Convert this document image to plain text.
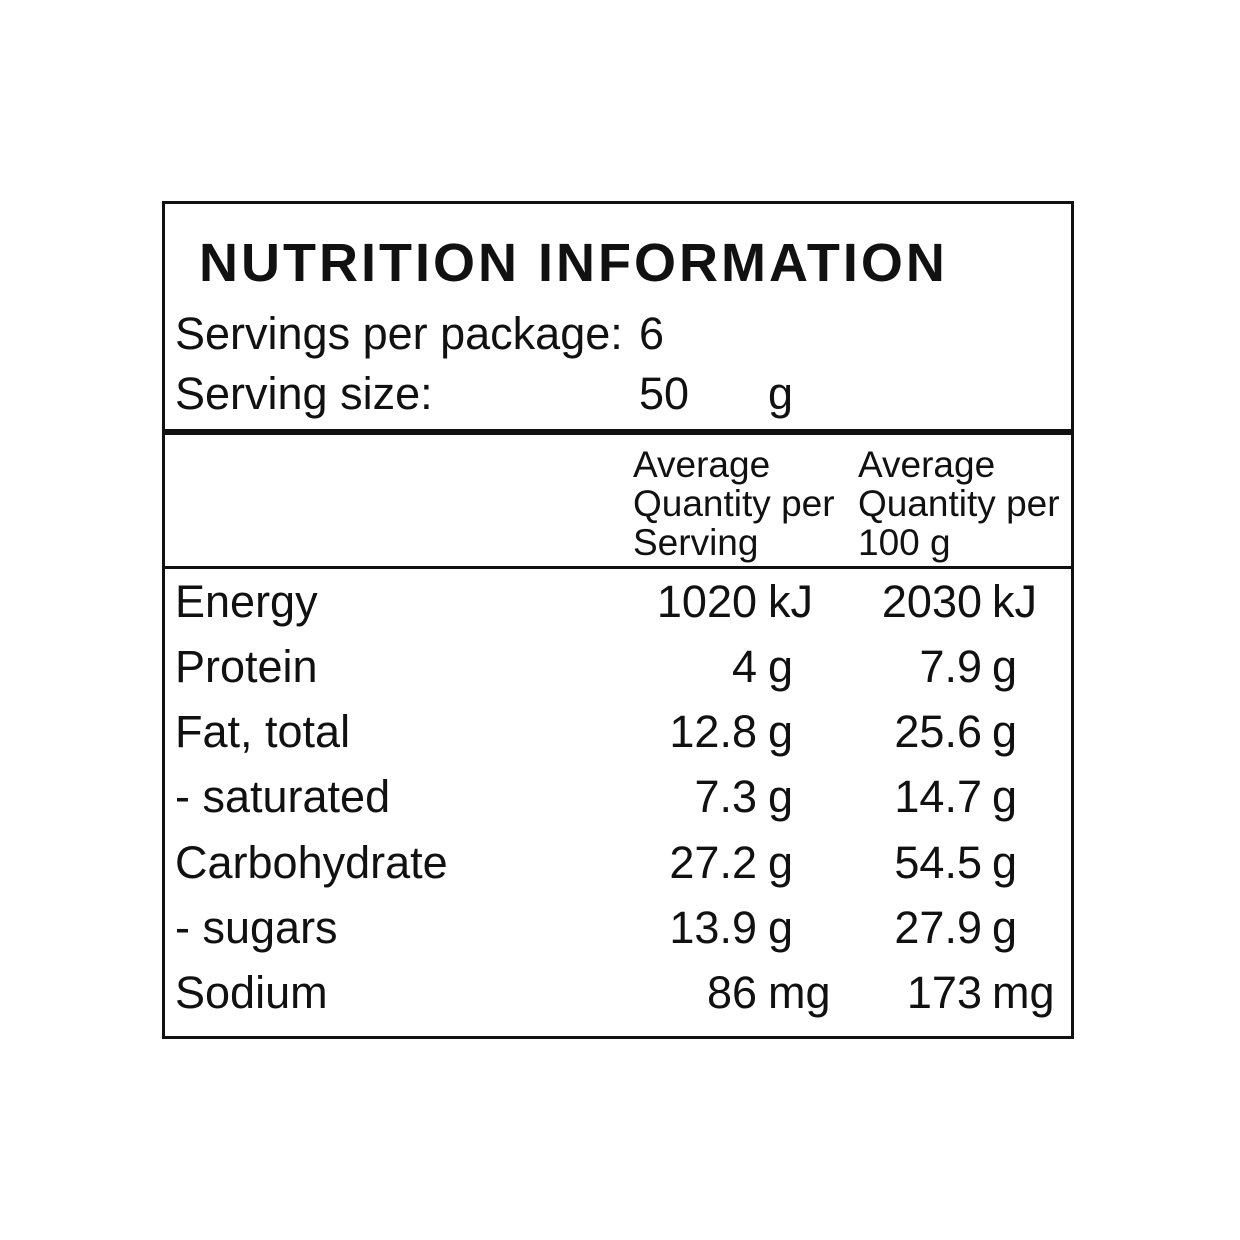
NUTRITION INFORMATION
Servings per package: 6
Serving size:	50	g
Average
Quantity per
Serving
Average
Quantity per
100 g
Energy	1020 kJ	2030 kJ
Protein	4 g	7.9 g
Fat, total	12.8 g	25.6 g
- saturated	7.3 g	14.7 g
Carbohydrate	27.2 g	54.5 g
- sugars	13.9 g	27.9 g
Sodium	86 mg	173 mg
